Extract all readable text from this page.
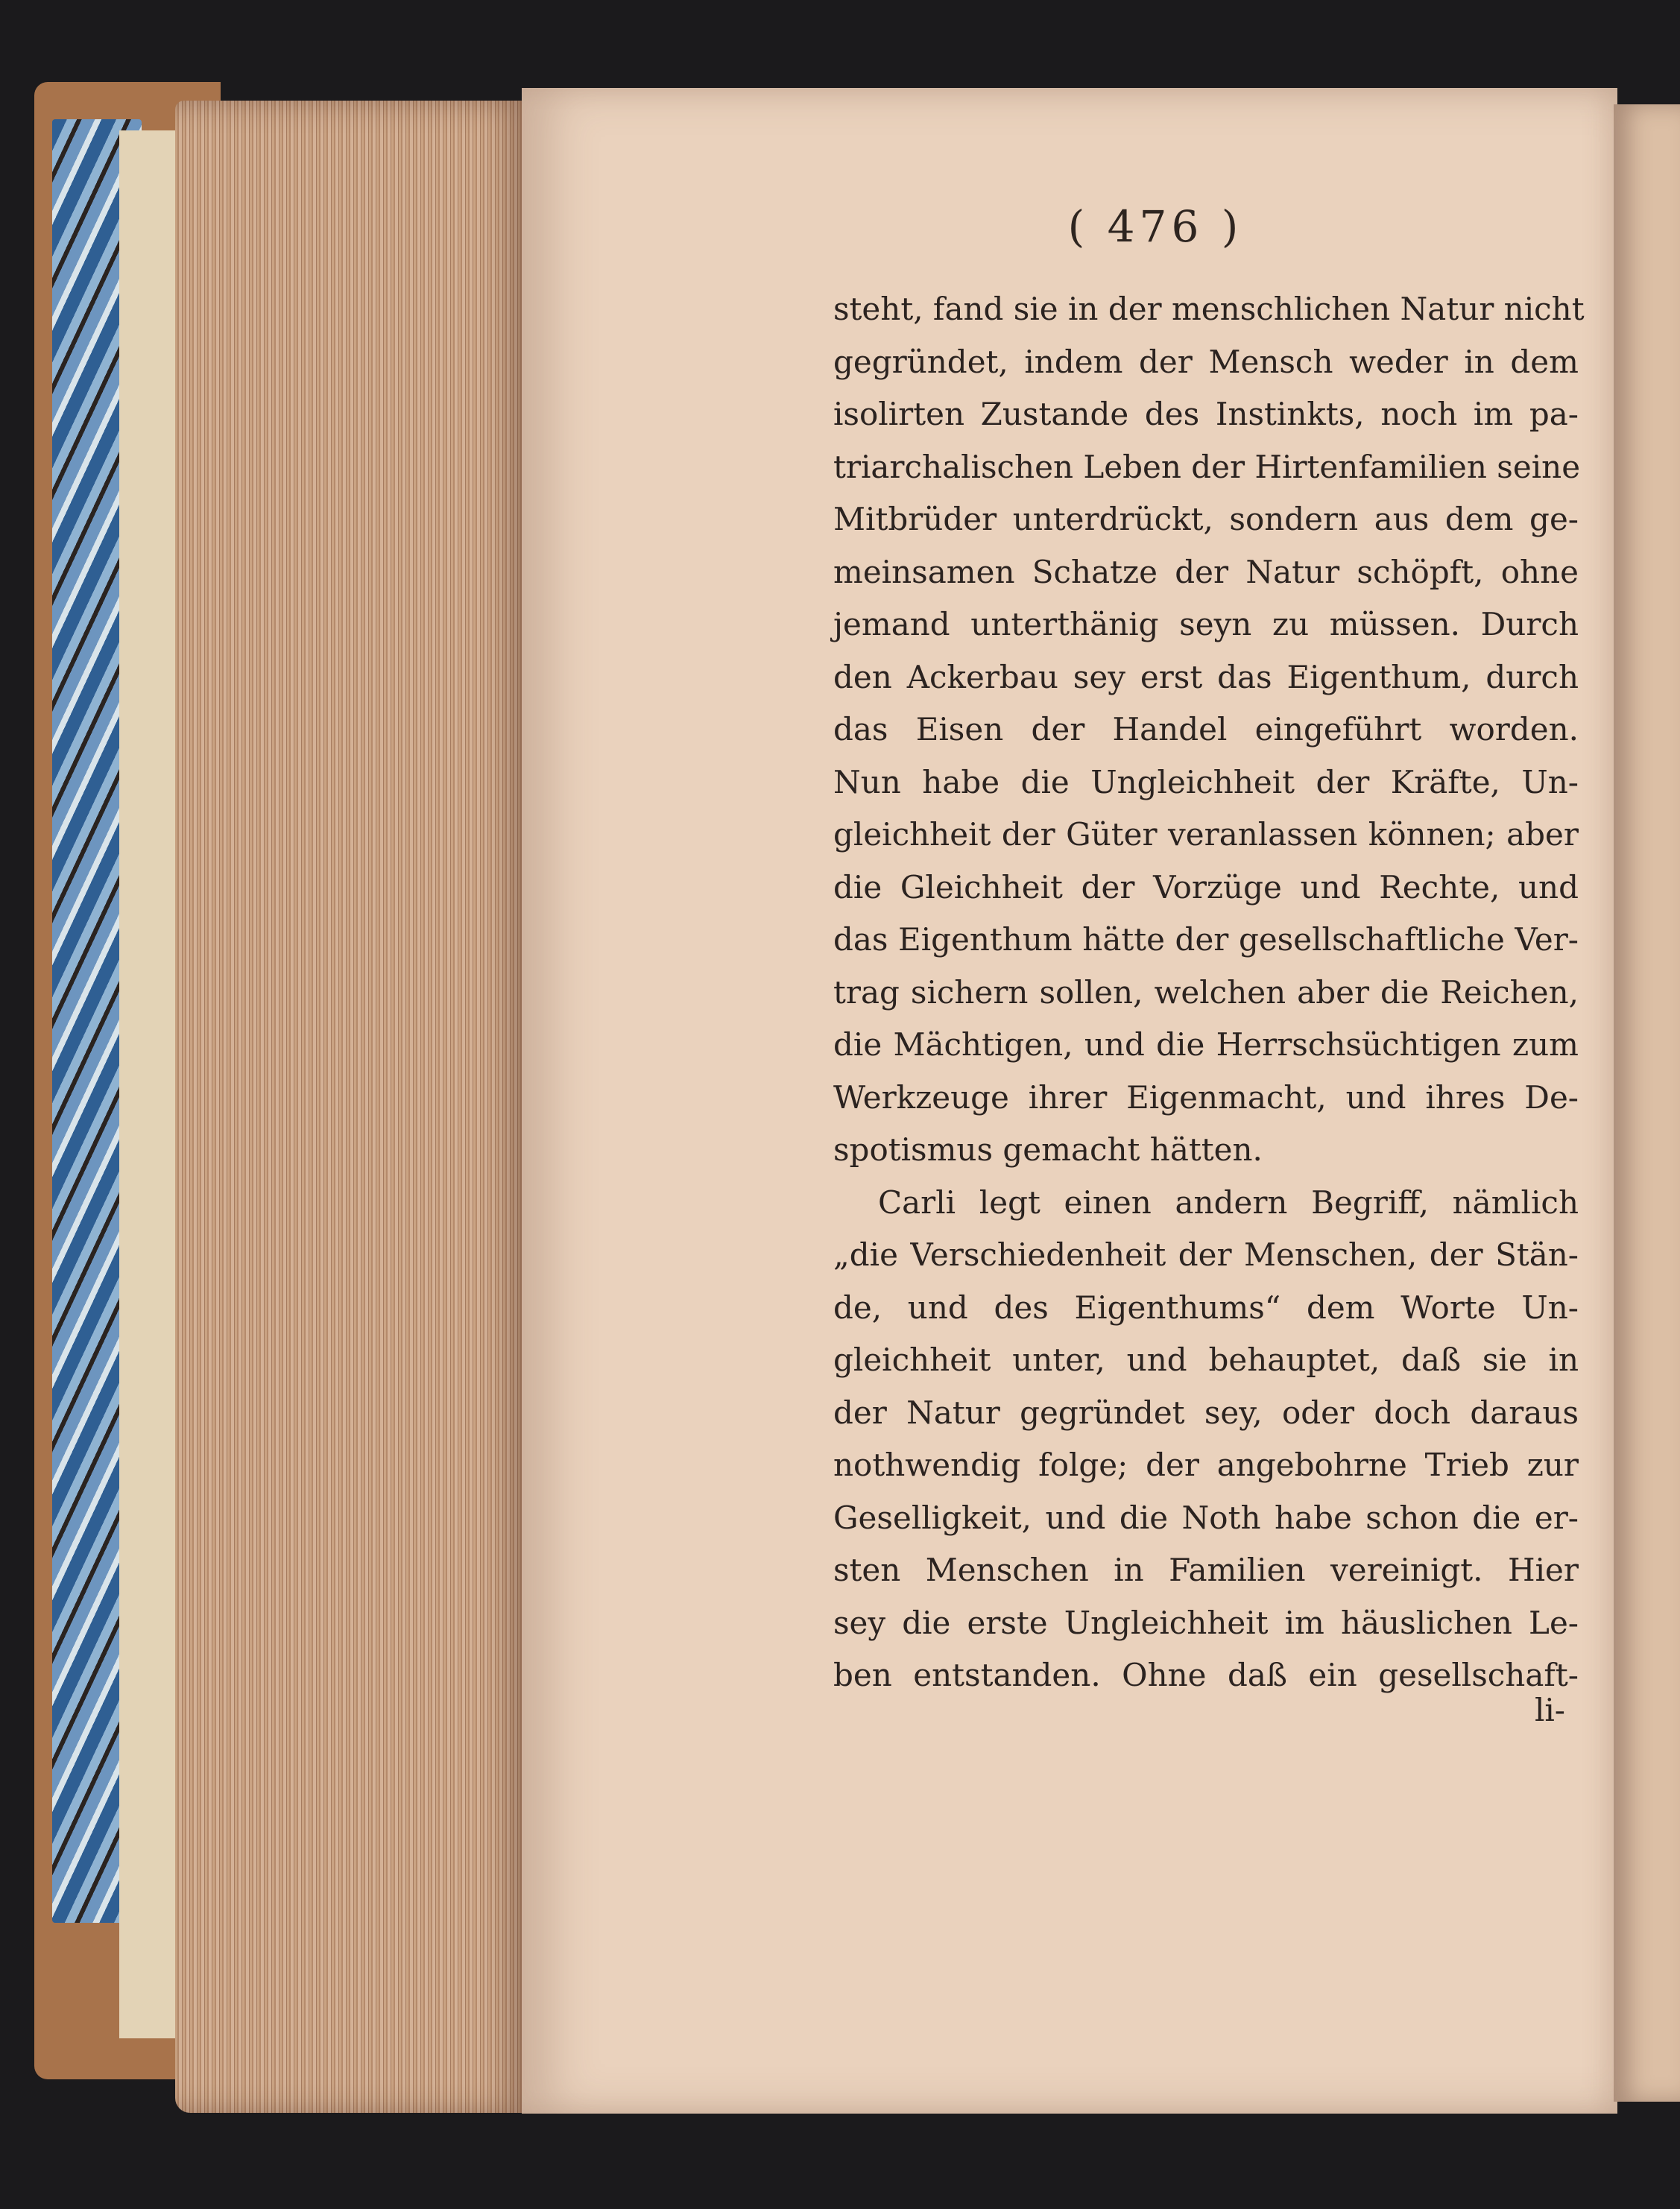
( 476 )
steht, fand sie in der menschlichen Natur nicht
gegründet, indem der Mensch weder in dem
isolirten Zustande des Instinkts, noch im pa-
triarchalischen Leben der Hirtenfamilien seine
Mitbrüder unterdrückt, sondern aus dem ge-
meinsamen Schatze der Natur schöpft, ohne
jemand unterthänig seyn zu müssen. Durch
den Ackerbau sey erst das Eigenthum, durch
das Eisen der Handel eingeführt worden.
Nun habe die Ungleichheit der Kräfte, Un-
gleichheit der Güter veranlassen können; aber
die Gleichheit der Vorzüge und Rechte, und
das Eigenthum hätte der gesellschaftliche Ver-
trag sichern sollen, welchen aber die Reichen,
die Mächtigen, und die Herrschsüchtigen zum
Werkzeuge ihrer Eigenmacht, und ihres De-
spotismus gemacht hätten.
Carli legt einen andern Begriff, nämlich
„die Verschiedenheit der Menschen, der Stän-
de, und des Eigenthums“ dem Worte Un-
gleichheit unter, und behauptet, daß sie in
der Natur gegründet sey, oder doch daraus
nothwendig folge; der angebohrne Trieb zur
Geselligkeit, und die Noth habe schon die er-
sten Menschen in Familien vereinigt. Hier
sey die erste Ungleichheit im häuslichen Le-
ben entstanden. Ohne daß ein gesellschaft-
li-
